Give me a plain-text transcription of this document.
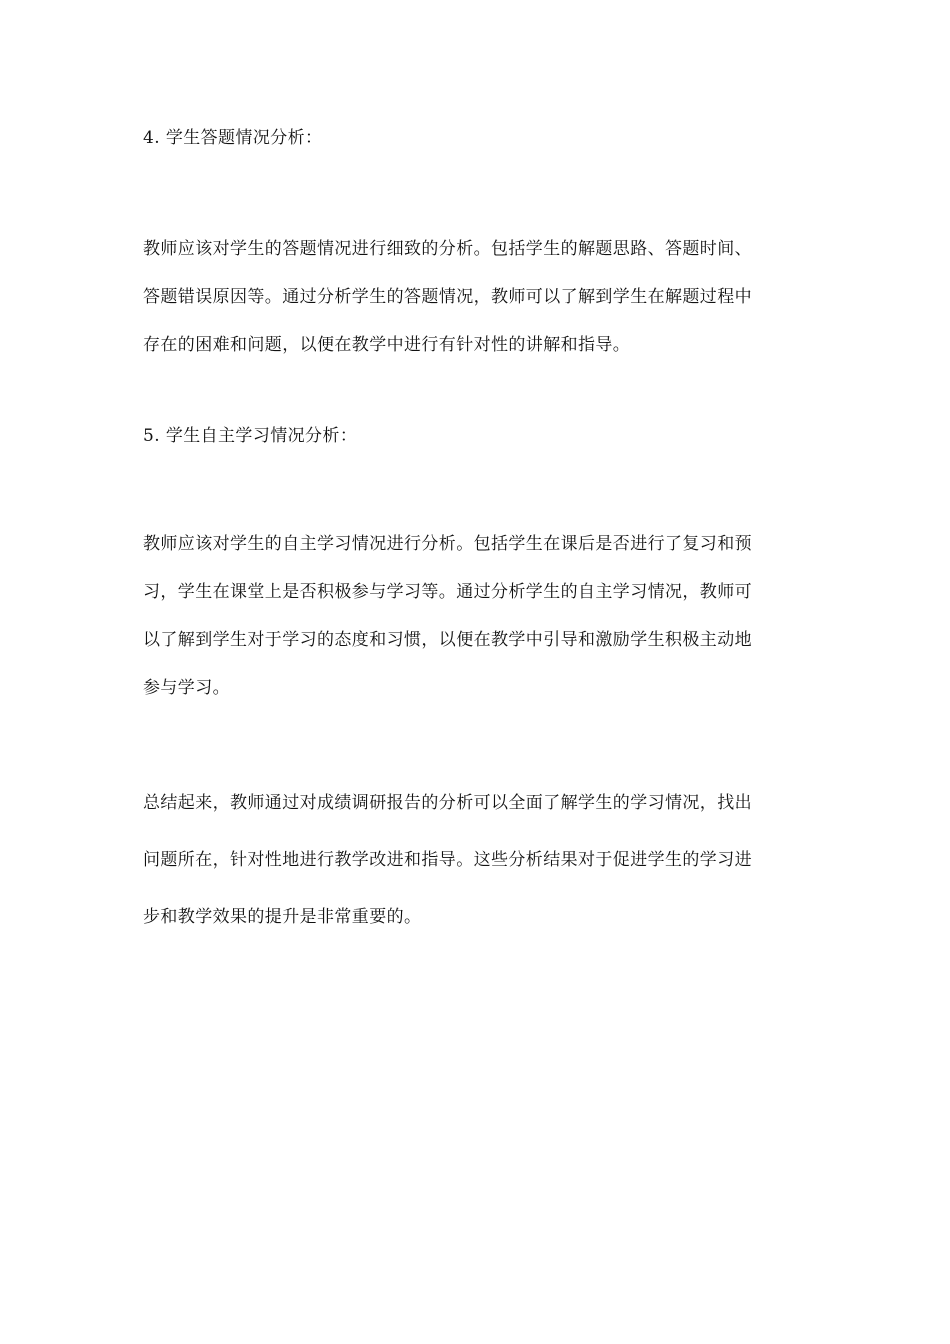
4. 学生答题情况分析：
教师应该对学生的答题情况进行细致的分析。包括学生的解题思路、答题时间、
答题错误原因等。通过分析学生的答题情况，教师可以了解到学生在解题过程中
存在的困难和问题，以便在教学中进行有针对性的讲解和指导。
5. 学生自主学习情况分析：
教师应该对学生的自主学习情况进行分析。包括学生在课后是否进行了复习和预
习，学生在课堂上是否积极参与学习等。通过分析学生的自主学习情况，教师可
以了解到学生对于学习的态度和习惯，以便在教学中引导和激励学生积极主动地
参与学习。
总结起来，教师通过对成绩调研报告的分析可以全面了解学生的学习情况，找出
问题所在，针对性地进行教学改进和指导。这些分析结果对于促进学生的学习进
步和教学效果的提升是非常重要的。
